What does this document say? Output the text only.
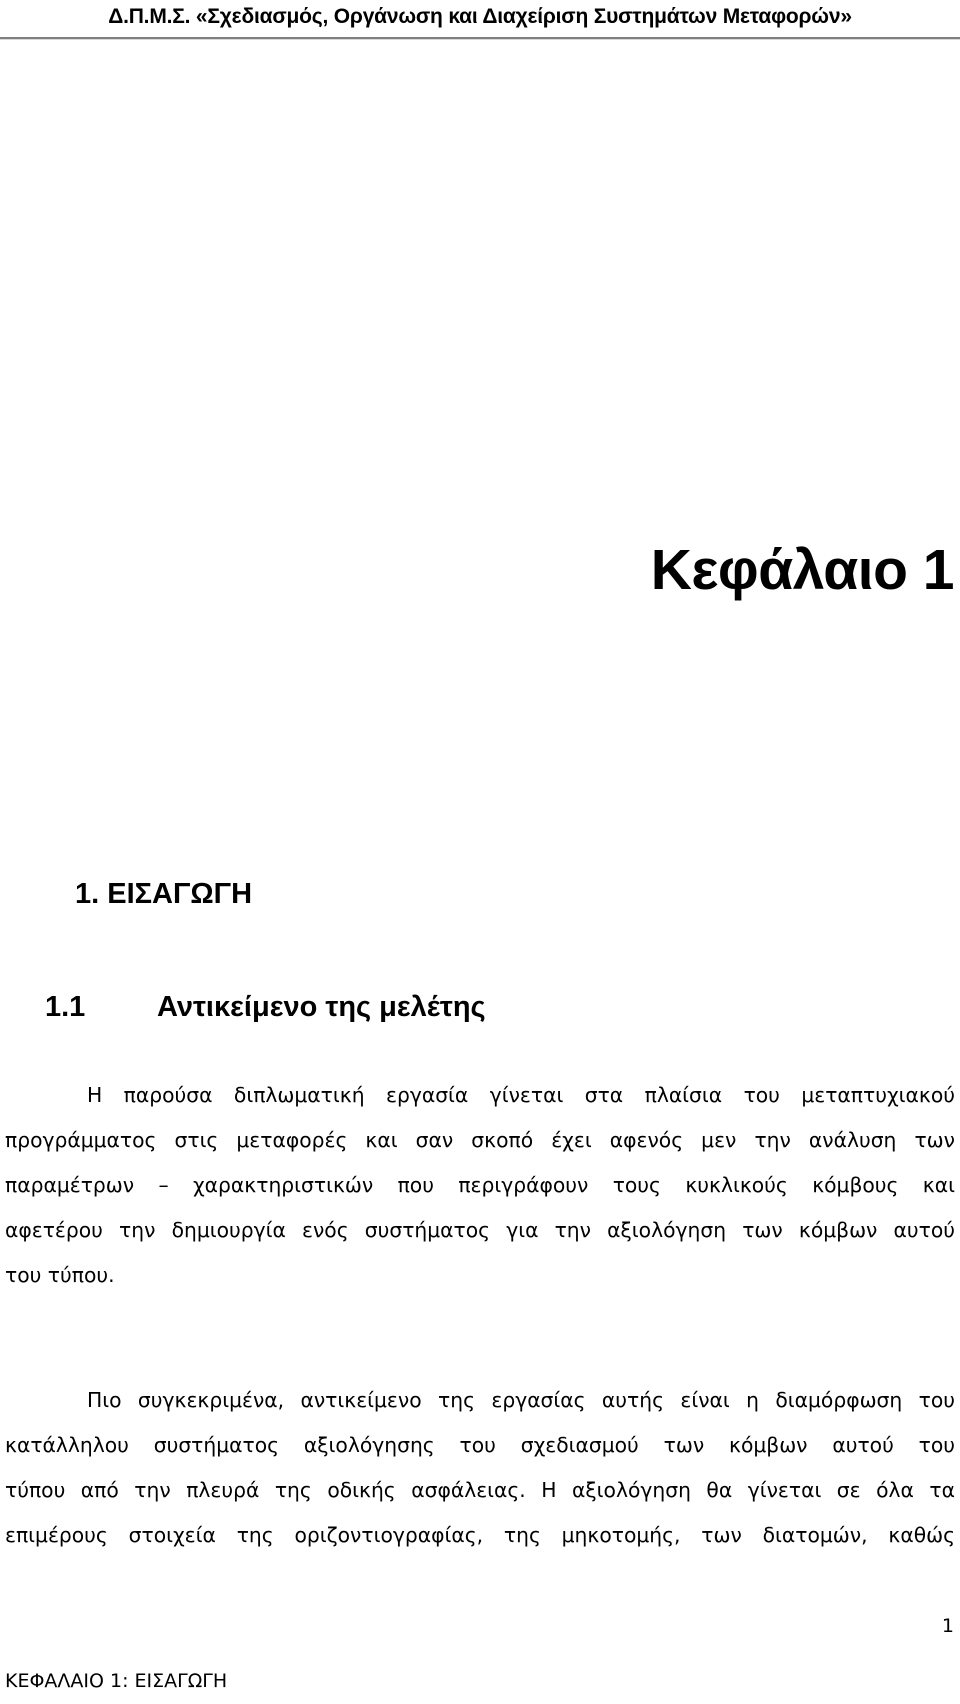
Δ.Π.Μ.Σ. «Σχεδιασμός, Οργάνωση και Διαχείριση Συστημάτων Μεταφορών»
Κεφάλαιο 1
1. ΕΙΣΑΓΩΓΗ
1.1 Αντικείμενο της μελέτης
Η παρούσα διπλωματική εργασία γίνεται στα πλαίσια του μεταπτυχιακού
προγράμματος στις μεταφορές και σαν σκοπό έχει αφενός μεν την ανάλυση των
παραμέτρων – χαρακτηριστικών που περιγράφουν τους κυκλικούς κόμβους και
αφετέρου την δημιουργία ενός συστήματος για την αξιολόγηση των κόμβων αυτού
του τύπου.
Πιο συγκεκριμένα, αντικείμενο της εργασίας αυτής είναι η διαμόρφωση του
κατάλληλου συστήματος αξιολόγησης του σχεδιασμού των κόμβων αυτού του
τύπου από την πλευρά της οδικής ασφάλειας. Η αξιολόγηση θα γίνεται σε όλα τα
επιμέρους στοιχεία της οριζοντιογραφίας, της μηκοτομής, των διατομών, καθώς
1
ΚΕΦΑΛΑΙΟ 1: ΕΙΣΑΓΩΓΗ
